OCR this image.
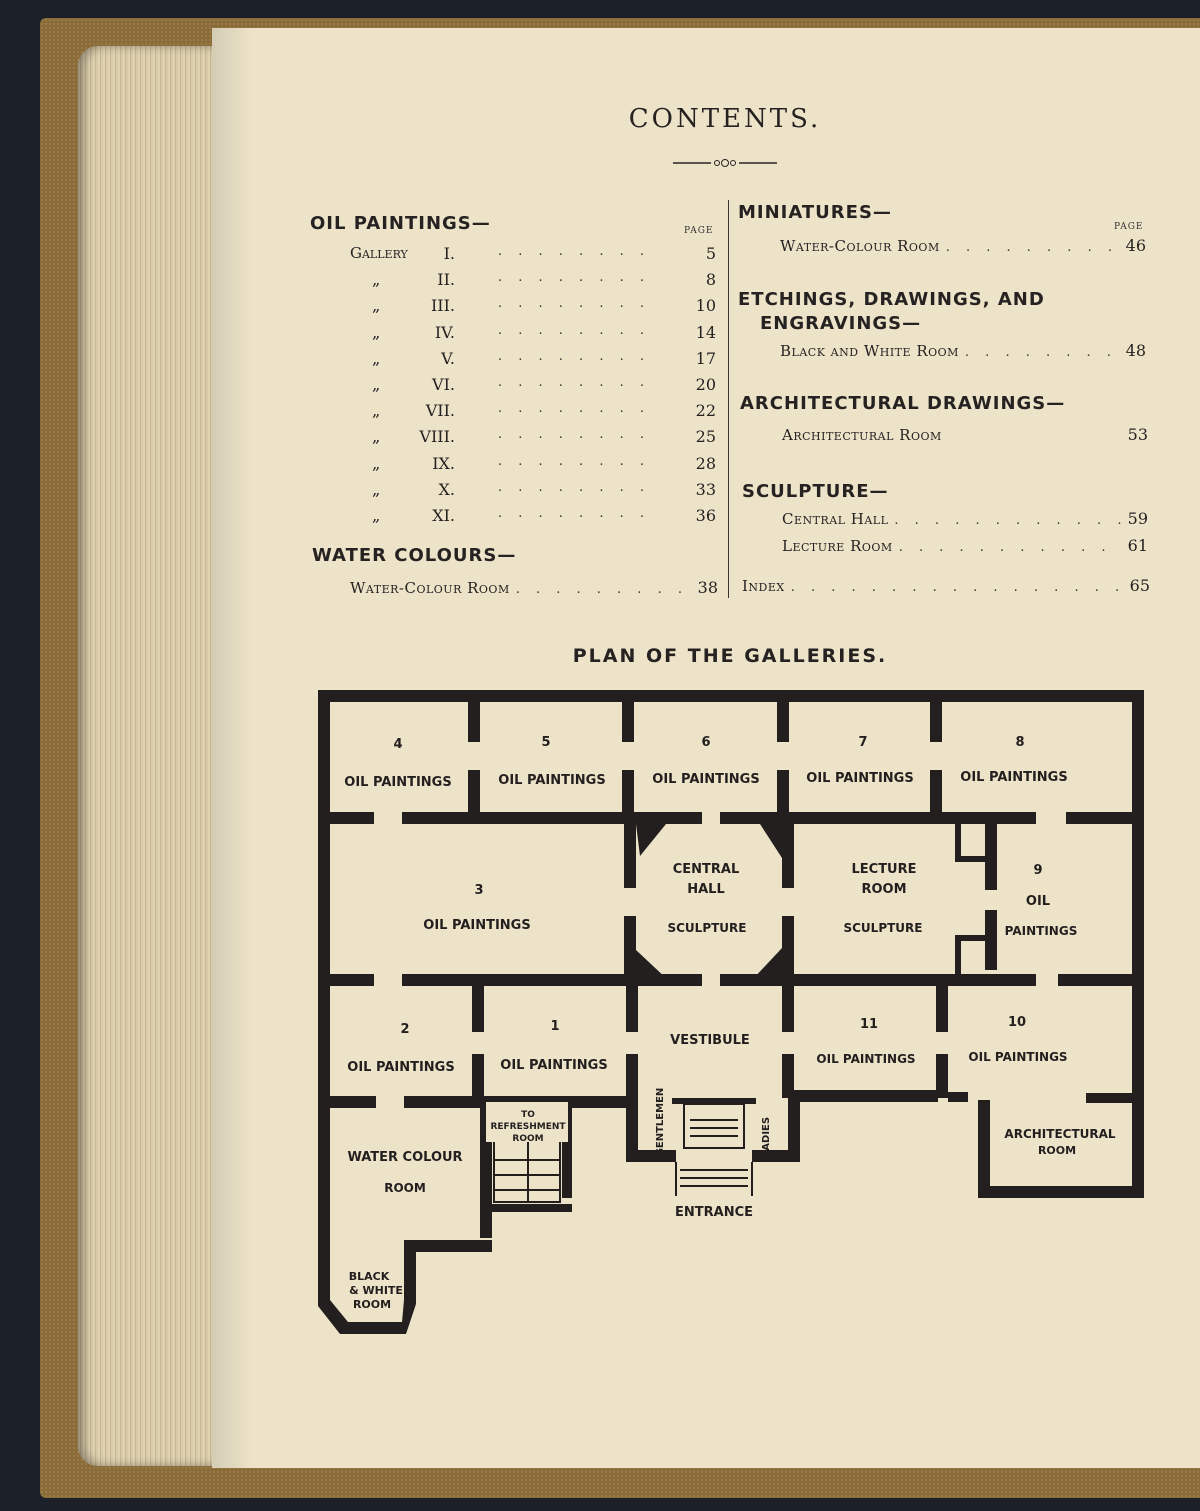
CONTENTS.
OIL PAINTINGS—	PAGE
Gallery	I. . . .	5
„	II. . . .	8
„	III. . . .	10
„	IV. . . .	14
„	V. . . .	17
„	VI. . . .	20
„	VII. . . .	22
„	VIII. . . .	25
„	IX. . . .	28
„	X. . . .	33
„	XI. . . .	36
WATER COLOURS—
Water-Colour Room . . .	38
MINIATURES—
PAGE
Water-Colour Room . . .	46
ETCHINGS, DRAWINGS, AND
ENGRAVINGS—
Black and White Room . . .	48
ARCHITECTURAL DRAWINGS—
Architectural Room	53
SCULPTURE—
Central Hall . . .	59
Lecture Room . . .	61
Index . . .	65
PLAN OF THE GALLERIES.
4	5	6	7	8
OIL PAINTINGS	OIL PAINTINGS	OIL PAINTINGS	OIL PAINTINGS	OIL PAINTINGS
3
OIL PAINTINGS
CENTRAL
HALL
SCULPTURE
LECTURE
ROOM
SCULPTURE
9
OIL
PAINTINGS
2	1	11	10
VESTIBULE
OIL PAINTINGS	OIL PAINTINGS	OIL PAINTINGS	OIL PAINTINGS
TO
REFRESHMENT
ROOM
WATER COLOUR
ROOM
BLACK
& WHITE
ROOM
GENTLEMEN	LADIES
ENTRANCE
ARCHITECTURAL
ROOM
